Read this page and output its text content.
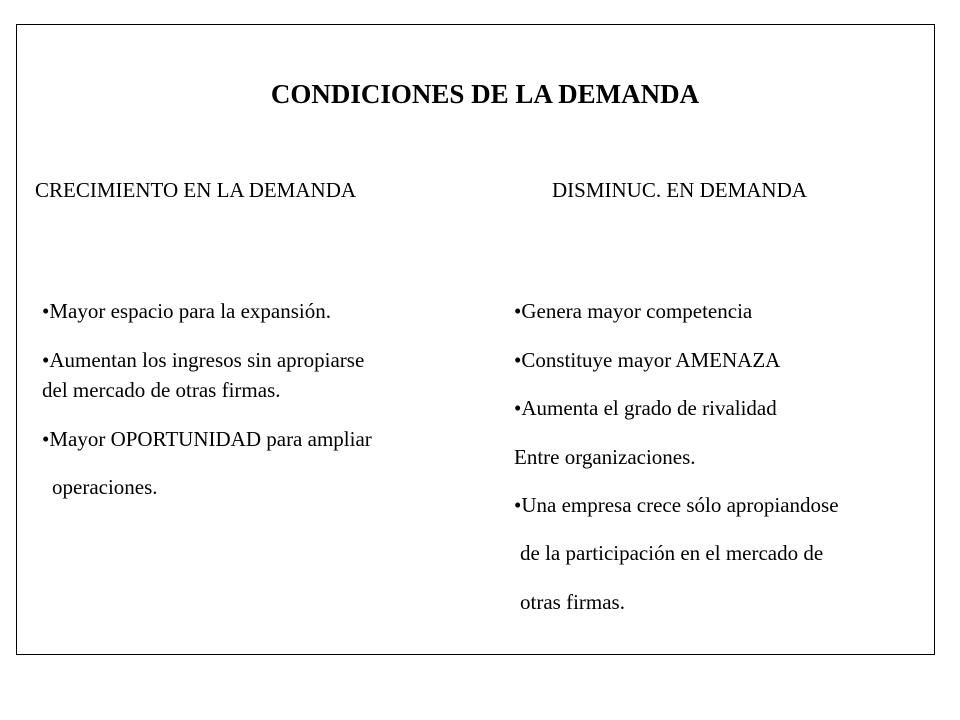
CONDICIONES DE LA DEMANDA
CRECIMIENTO EN LA DEMANDA	DISMINUC. EN DEMANDA
•Mayor espacio para la expansión.
•Aumentan los ingresos sin apropiarse
del mercado de otras firmas.
•Mayor OPORTUNIDAD para ampliar
operaciones.
•Genera mayor competencia
•Constituye mayor AMENAZA
•Aumenta el grado de rivalidad
Entre organizaciones.
•Una empresa crece sólo apropiandose
de la participación en el mercado de
otras firmas.
